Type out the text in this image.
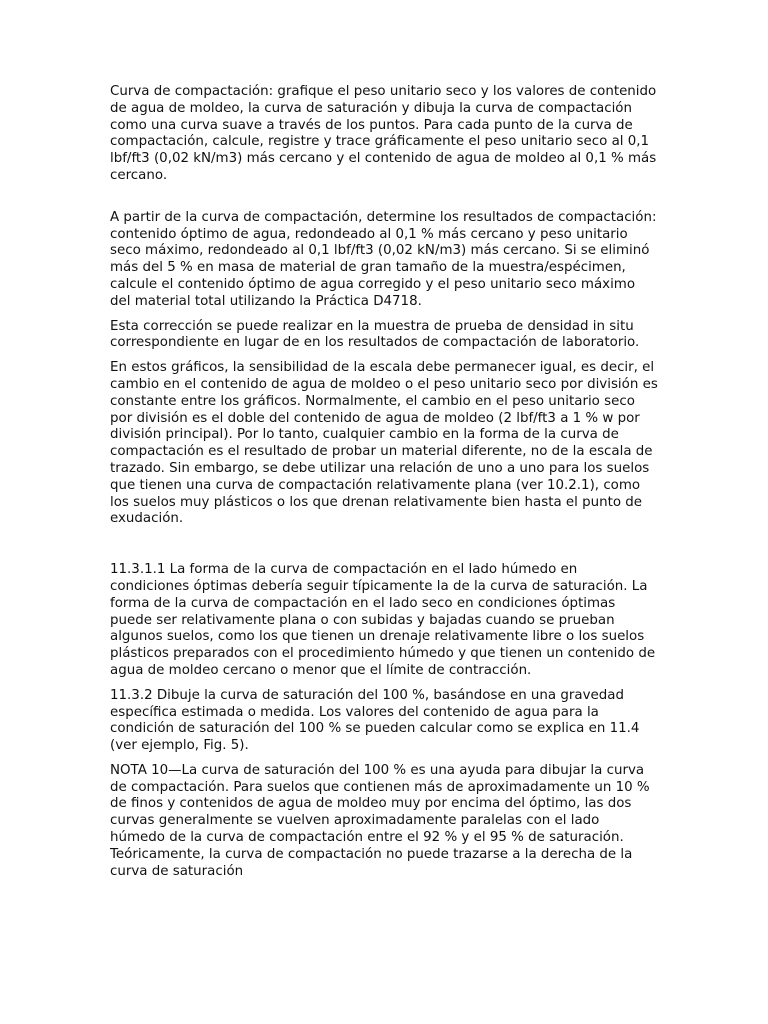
Curva de compactación: grafique el peso unitario seco y los valores de contenido de agua de moldeo, la curva de saturación y dibuja la curva de compactación como una curva suave a través de los puntos. Para cada punto de la curva de compactación, calcule, registre y trace gráficamente el peso unitario seco al 0,1 lbf/ft3 (0,02 kN/m3) más cercano y el contenido de agua de moldeo al 0,1 % más cercano.

A partir de la curva de compactación, determine los resultados de compactación: contenido óptimo de agua, redondeado al 0,1 % más cercano y peso unitario seco máximo, redondeado al 0,1 lbf/ft3 (0,02 kN/m3) más cercano. Si se eliminó más del 5 % en masa de material de gran tamaño de la muestra/espécimen, calcule el contenido óptimo de agua corregido y el peso unitario seco máximo del material total utilizando la Práctica D4718.

Esta corrección se puede realizar en la muestra de prueba de densidad in situ correspondiente en lugar de en los resultados de compactación de laboratorio.

En estos gráficos, la sensibilidad de la escala debe permanecer igual, es decir, el cambio en el contenido de agua de moldeo o el peso unitario seco por división es constante entre los gráficos. Normalmente, el cambio en el peso unitario seco por división es el doble del contenido de agua de moldeo (2 lbf/ft3 a 1 % w por división principal). Por lo tanto, cualquier cambio en la forma de la curva de compactación es el resultado de probar un material diferente, no de la escala de trazado. Sin embargo, se debe utilizar una relación de uno a uno para los suelos que tienen una curva de compactación relativamente plana (ver 10.2.1), como los suelos muy plásticos o los que drenan relativamente bien hasta el punto de exudación.

11.3.1.1 La forma de la curva de compactación en el lado húmedo en condiciones óptimas debería seguir típicamente la de la curva de saturación. La forma de la curva de compactación en el lado seco en condiciones óptimas puede ser relativamente plana o con subidas y bajadas cuando se prueban algunos suelos, como los que tienen un drenaje relativamente libre o los suelos plásticos preparados con el procedimiento húmedo y que tienen un contenido de agua de moldeo cercano o menor que el límite de contracción.

11.3.2 Dibuje la curva de saturación del 100 %, basándose en una gravedad específica estimada o medida. Los valores del contenido de agua para la condición de saturación del 100 % se pueden calcular como se explica en 11.4 (ver ejemplo, Fig. 5).

NOTA 10—La curva de saturación del 100 % es una ayuda para dibujar la curva de compactación. Para suelos que contienen más de aproximadamente un 10 % de finos y contenidos de agua de moldeo muy por encima del óptimo, las dos curvas generalmente se vuelven aproximadamente paralelas con el lado húmedo de la curva de compactación entre el 92 % y el 95 % de saturación. Teóricamente, la curva de compactación no puede trazarse a la derecha de la curva de saturación
